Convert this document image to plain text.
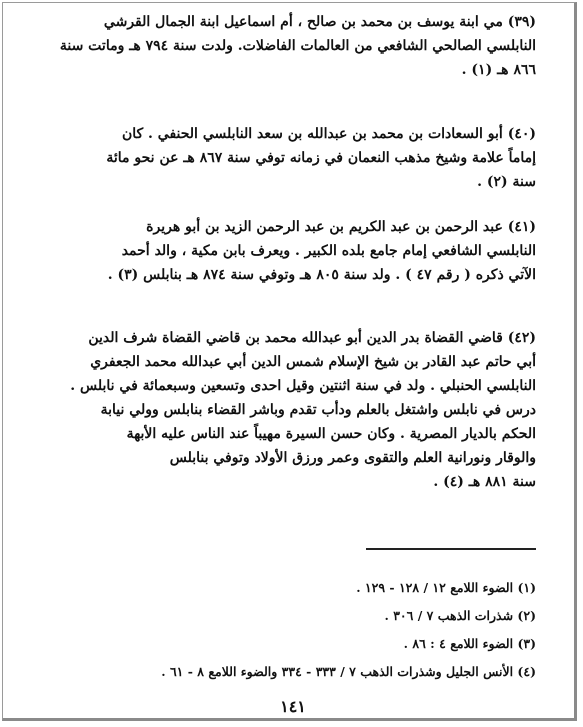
(٣٩) مي ابنة يوسف بن محمد بن صالح ، أم اسماعيل ابنة الجمال القرشي
النابلسي الصالحي الشافعي من العالمات الفاضلات. ولدت سنة ٧٩٤ هـ وماتت سنة
٨٦٦ هـ (١) .
(٤٠) أبو السعادات بن محمد بن عبدالله بن سعد النابلسي الحنفي . كان
إماماً علامة وشيخ مذهب النعمان في زمانه توفي سنة ٨٦٧ هـ عن نحو مائة
سنة (٢) .
(٤١) عبد الرحمن بن عبد الكريم بن عبد الرحمن الزيد بن أبو هريرة
النابلسي الشافعي إمام جامع بلده الكبير . ويعرف بابن مكية ، والد أحمد
الآتي ذكره ( رقم ٤٧ ) . ولد سنة ٨٠٥ هـ وتوفي سنة ٨٧٤ هـ بنابلس (٣) .
(٤٢) قاضي القضاة بدر الدين أبو عبدالله محمد بن قاضي القضاة شرف الدين
أبي حاتم عبد القادر بن شيخ الإسلام شمس الدين أبي عبدالله محمد الجعفري
النابلسي الحنبلي . ولد في سنة اثنتين وقيل احدى وتسعين وسبعمائة في نابلس .
درس في نابلس واشتغل بالعلم ودأب تقدم وباشر القضاء بنابلس وولي نيابة
الحكم بالديار المصرية . وكان حسن السيرة مهيباً عند الناس عليه الأبهة
والوقار ونورانية العلم والتقوى وعمر ورزق الأولاد وتوفي بنابلس
سنة ٨٨١ هـ (٤) .
(١) الضوء اللامع ١٢ / ١٢٨ - ١٢٩ .
(٢) شذرات الذهب ٧ / ٣٠٦ .
(٣) الضوء اللامع ٤ : ٨٦ .
(٤) الأنس الجليل وشذرات الذهب ٧ / ٣٣٣ - ٣٣٤ والضوء اللامع ٨ - ٦١ .
١٤١
